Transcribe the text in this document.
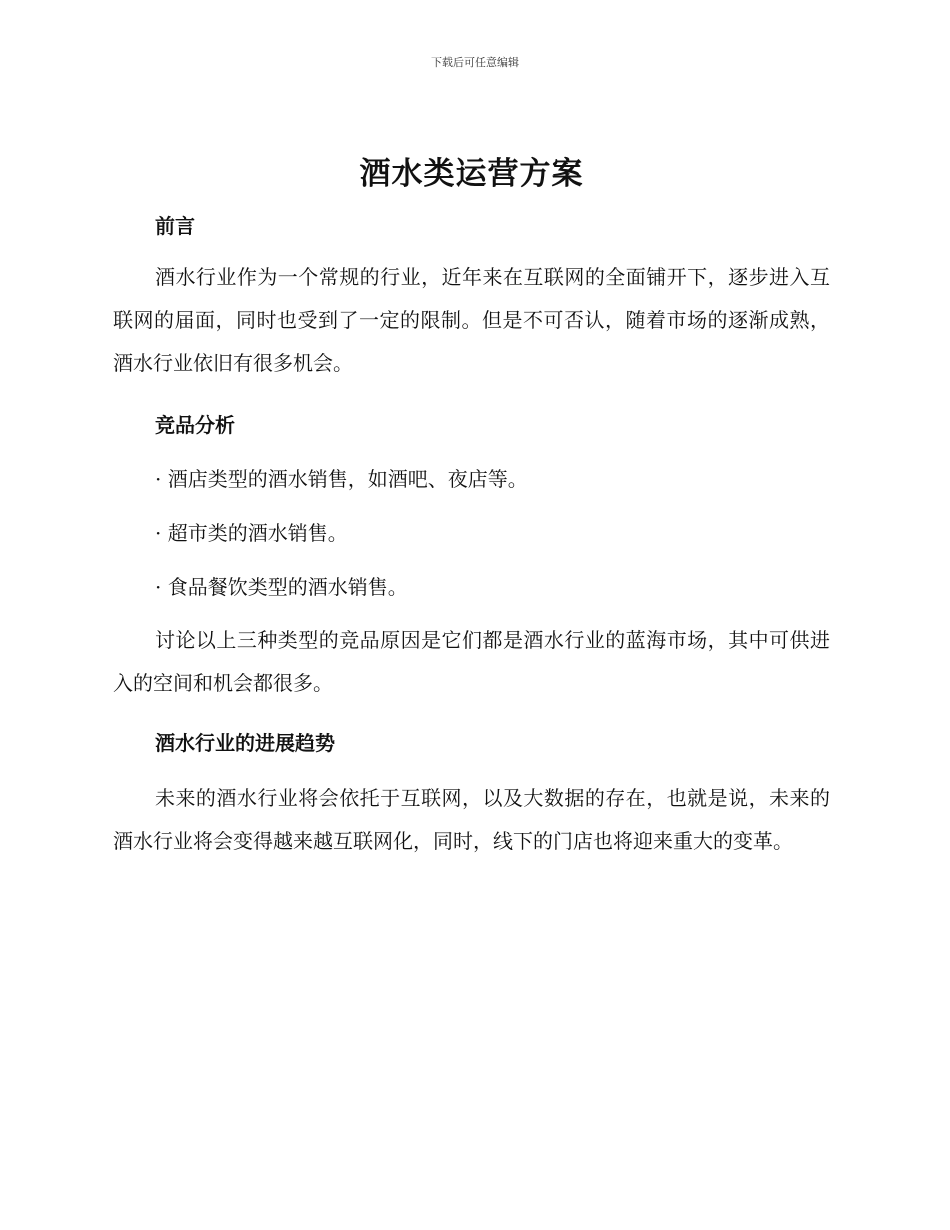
下载后可任意编辑
酒水类运营方案
前言

酒水行业作为一个常规的行业，近年来在互联网的全面铺开下，逐步进入互联网的届面，同时也受到了一定的限制。但是不可否认，随着市场的逐渐成熟，酒水行业依旧有很多机会。

竞品分析

· 酒店类型的酒水销售，如酒吧、夜店等。

· 超市类的酒水销售。

· 食品餐饮类型的酒水销售。

讨论以上三种类型的竞品原因是它们都是酒水行业的蓝海市场，其中可供进入的空间和机会都很多。

酒水行业的进展趋势

未来的酒水行业将会依托于互联网，以及大数据的存在，也就是说，未来的酒水行业将会变得越来越互联网化，同时，线下的门店也将迎来重大的变革。
